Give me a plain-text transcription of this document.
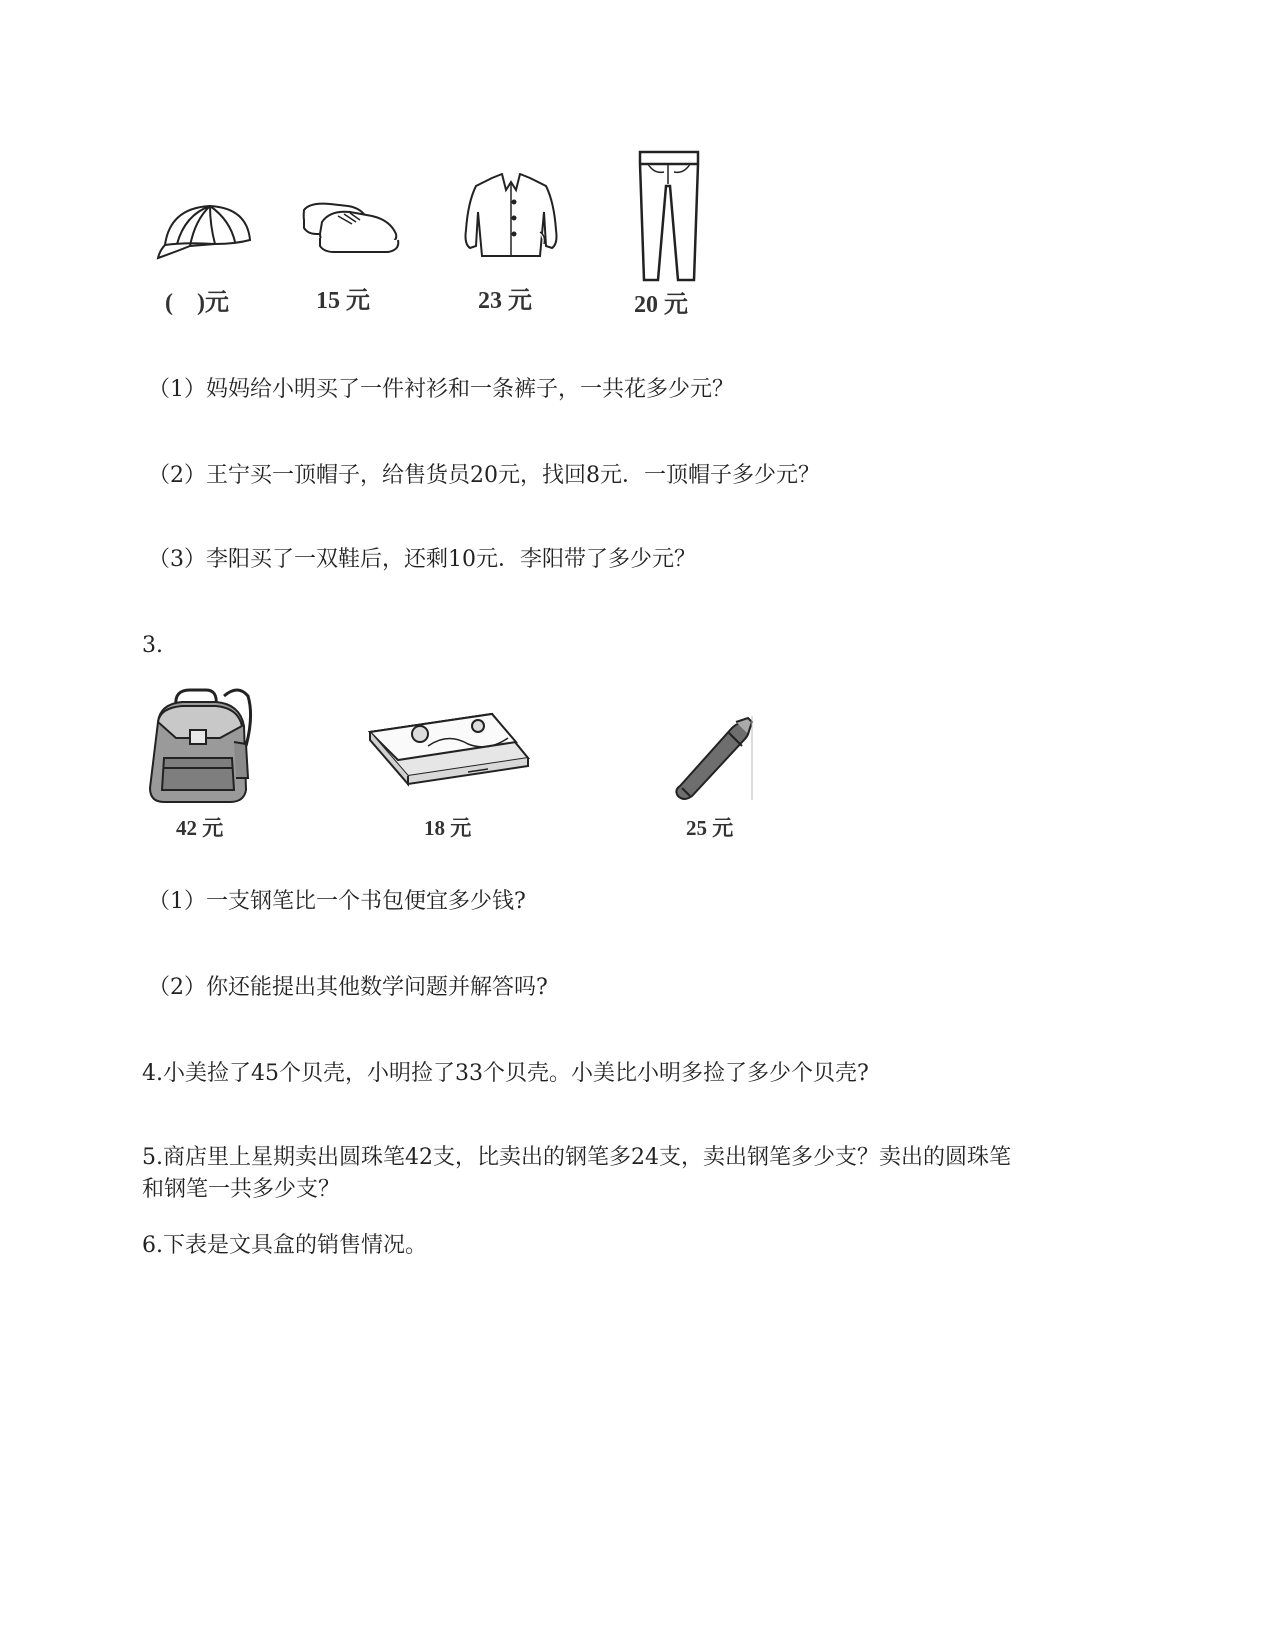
(　)元	15 元	23 元	20 元
（1）妈妈给小明买了一件衬衫和一条裤子，一共花多少元？
（2）王宁买一顶帽子，给售货员20元，找回8元．一顶帽子多少元？
（3）李阳买了一双鞋后，还剩10元．李阳带了多少元？
3.
42 元	18 元	25 元
（1）一支钢笔比一个书包便宜多少钱?
（2）你还能提出其他数学问题并解答吗?
4.小美捡了45个贝壳，小明捡了33个贝壳。小美比小明多捡了多少个贝壳?
5.商店里上星期卖出圆珠笔42支，比卖出的钢笔多24支，卖出钢笔多少支？卖出的圆珠笔
和钢笔一共多少支？
6.下表是文具盒的销售情况。
